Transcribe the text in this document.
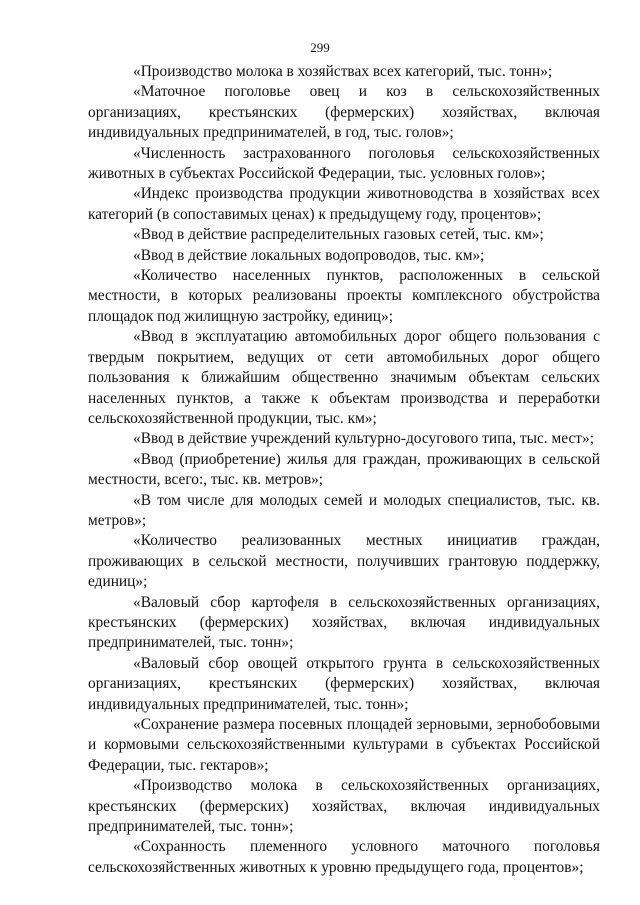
299

«Производство молока в хозяйствах всех категорий, тыс. тонн»;

«Маточное поголовье овец и коз в сельскохозяйственных организациях, крестьянских (фермерских) хозяйствах, включая индивидуальных предпринимателей, в год, тыс. голов»;

«Численность застрахованного поголовья сельскохозяйственных животных в субъектах Российской Федерации, тыс. условных голов»;

«Индекс производства продукции животноводства в хозяйствах всех категорий (в сопоставимых ценах) к предыдущему году, процентов»;

«Ввод в действие распределительных газовых сетей, тыс. км»;

«Ввод в действие локальных водопроводов, тыс. км»;

«Количество населенных пунктов, расположенных в сельской местности, в которых реализованы проекты комплексного обустройства площадок под жилищную застройку, единиц»;

«Ввод в эксплуатацию автомобильных дорог общего пользования с твердым покрытием, ведущих от сети автомобильных дорог общего пользования к ближайшим общественно значимым объектам сельских населенных пунктов, а также к объектам производства и переработки сельскохозяйственной продукции, тыс. км»;

«Ввод в действие учреждений культурно-досугового типа, тыс. мест»;

«Ввод (приобретение) жилья для граждан, проживающих в сельской местности, всего:, тыс. кв. метров»;

«В том числе для молодых семей и молодых специалистов, тыс. кв. метров»;

«Количество реализованных местных инициатив граждан, проживающих в сельской местности, получивших грантовую поддержку, единиц»;

«Валовый сбор картофеля в сельскохозяйственных организациях, крестьянских (фермерских) хозяйствах, включая индивидуальных предпринимателей, тыс. тонн»;

«Валовый сбор овощей открытого грунта в сельскохозяйственных организациях, крестьянских (фермерских) хозяйствах, включая индивидуальных предпринимателей, тыс. тонн»;

«Сохранение размера посевных площадей зерновыми, зернобобовыми и кормовыми сельскохозяйственными культурами в субъектах Российской Федерации, тыс. гектаров»;

«Производство молока в сельскохозяйственных организациях, крестьянских (фермерских) хозяйствах, включая индивидуальных предпринимателей, тыс. тонн»;

«Сохранность племенного условного маточного поголовья сельскохозяйственных животных к уровню предыдущего года, процентов»;
